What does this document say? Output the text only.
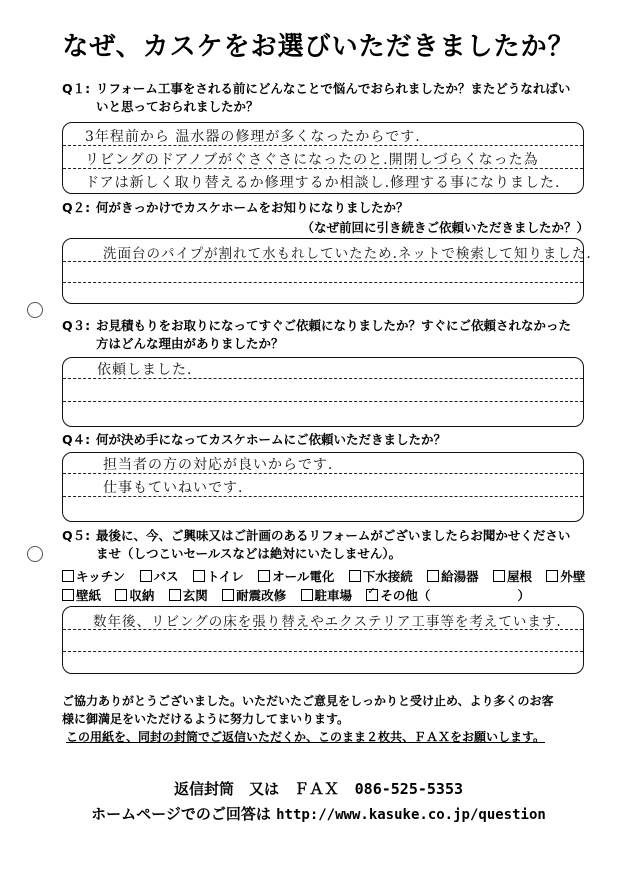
なぜ、カスケをお選びいただきましたか？
Q１: リフォーム工事をされる前にどんなことで悩んでおられましたか？またどうなればい
いと思っておられましたか？
3年程前から 温水器の修理が多くなったからです.
リビングのドアノブがぐさぐさになったのと.開閉しづらくなった為
ドアは新しく取り替えるか修理するか相談し.修理する事になりました.
Q２: 何がきっかけでカスケホームをお知りになりましたか？
（なぜ前回に引き続きご依頼いただきましたか？）
洗面台のパイプが割れて水もれしていたため.ネットで検索して知りました.
Q３: お見積もりをお取りになってすぐご依頼になりましたか？すぐにご依頼されなかった
方はどんな理由がありましたか？
依頼しました.
Q４: 何が決め手になってカスケホームにご依頼いただきましたか？
担当者の方の対応が良いからです.
仕事もていねいです.
Q５: 最後に、今、ご興味又はご計画のあるリフォームがございましたらお聞かせください
ませ（しつこいセールスなどは絶対にいたしません）。
キッチン バス トイレ オール電化 下水接続 給湯器 屋根 外壁
壁紙 収納 玄関 耐震改修 駐車場 ✓ その他（	）
数年後、リビングの床を張り替えやエクステリア工事等を考えています.
ご協力ありがとうございました。いただいたご意見をしっかりと受け止め、より多くのお客
様に御満足をいただけるように努力してまいります。
この用紙を、同封の封筒でご返信いただくか、このまま２枚共、ＦＡＸをお願いします。
返信封筒　又は　ＦＡＸ 086-525-5353
ホームページでのご回答は http://www.kasuke.co.jp/question
